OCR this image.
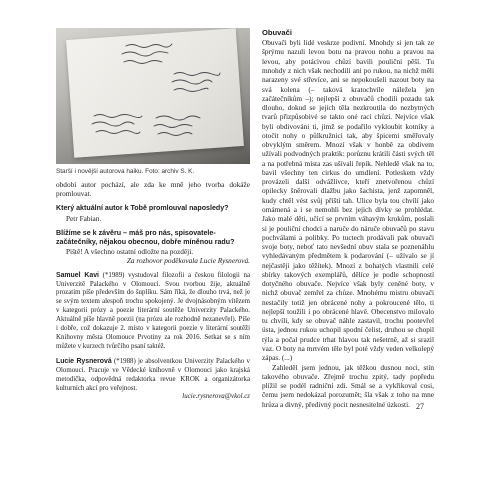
Starší i novější autorova haiku. Foto: archiv S. K.

období autor pochází, ale zda ke mně jeho tvorba dokáže promlouvat.

Který aktuální autor k Tobě promlouval naposledy?

Petr Fabian.

Blížíme se k závěru – máš pro nás, spisovatele-začátečníky, nějakou obecnou, dobře míněnou radu?

Piště! A všechno ostatní odložte na později.

Za rozhovor poděkovala Lucie Rysnerová.

Samuel Kavi (*1989) vystudoval filozofii a českou filologii na Univerzitě Palackého v Olomouci. Svou tvorbou žije, aktuálně prozatím píše především do šuplíku. Sám říká, že dlouho trvá, než je se svým textem alespoň trochu spokojený. Je dvojnásobným vítězem v kategorii prózy a poezie literární soutěže Univerzity Palackého. Aktuálně píše hlavně poezii (na prózu ale rozhodně nezanevřel). Píše i dobře, což dokazuje 2. místo v kategorii poezie v literární soutěži Knihovny města Olomouce Prvotiny za rok 2016. Setkat se s ním můžete v kurzech tvůrčího psaní taktéž.

Lucie Rysnerová (*1988) je absolventkou Univerzity Palackého v Olomouci. Pracuje ve Vědecké knihovně v Olomouci jako krajská metodička, odpovědná redaktorka revue KROK a organizátorka kulturních akcí pro veřejnost.

lucie.rysnerova@vkol.cz

Obuvači

Obuvači byli lidé veskrze podivní. Mnohdy si jen tak ze šprýmu nazuli levou botu na pravou nohu a pravou na levou, aby potácivou chůzí bavili pouliční pěší. Tu mnohdy z nich však nechodili ani po rukou, na nichž měli narazeny své střevíce, ani se nepokoušeli nazout boty na svá kolena (– taková kratochvíle náležela jen začátečníkům –); nejlepší z obuvačů chodili pozadu tak dlouho, dokud se jejich těla nezkroutila do nezbytných tvarů přizpůsobivé se takto oné rací chůzi. Nejvíce však byli obdivováni ti, jimž se podařilo vykloubit kotníky a otočit nohy o půlkružnici tak, aby špicemi směřovaly obvyklým směrem. Mnozí však v honbě za obdivem užívali podvodných praktik: porůznu krátili části svých těl a na potřebná místa zas ušívali řepík. Nehledě však na to, bavil všechny ten cirkus do umdlení. Potleskem vždy provázeli další odvážlivce, kteří znetvořenou chůzí opilecky šněrovali dlažbu jako šachista, jenž zapomněl, kudy chtěl vést svůj příští tah. Ulice byla tou chvílí jako omámená a i se nemohli bez jejich dívky se prohlédat. Jako malé děti, učící se prvním váhavým krokům, poslali si je pouliční chodci a naruče do náruče obuvačů po stavu pochválami a polibky. Po tuctech prodávali pak obuvači svoje boty, neboť tato nevšední obuv stala se poznenáhlu vyhledávaným předmětem k podarování (– užívalo se jí nejčastěji jako těžítek). Mnozí z bohatých vlastnili celé sbírky takových exemplářů, dělíce je podle schopností dotyčného obuvače. Nejvíce však byly ceněné boty, v nichž obuvač zemřel za chůze. Mnohému mistru obuvači nestačily totiž jen obrácené nohy a pokroucené tělo, ti nejlepší toužili i po obrácené hlavě. Obecenstvo milovalo tu chvíli, kdy se obuvač náhle zastavil, trochu pootevřel ústa, jednou rukou uchopil spodní čelist, druhou se chopil týla a počal prudce trhat hlavou tak nešetrně, až si srazil vaz. O boty na mrtvém těle byl poté vždy veden velkolepý zápas. (...)

Zahleděl jsem jednou, jak těžkou dusnou noci, stín takového obuvače. Zřejmě trochu zpitý, tady popředu plížil se podél radniční zdi. Smál se a vykřikoval cosi, čemu jsem nedokázal porozumět; šla však z toho na mne hrůza a divný, předivný pocit nesnesitelné úzkosti. 27
